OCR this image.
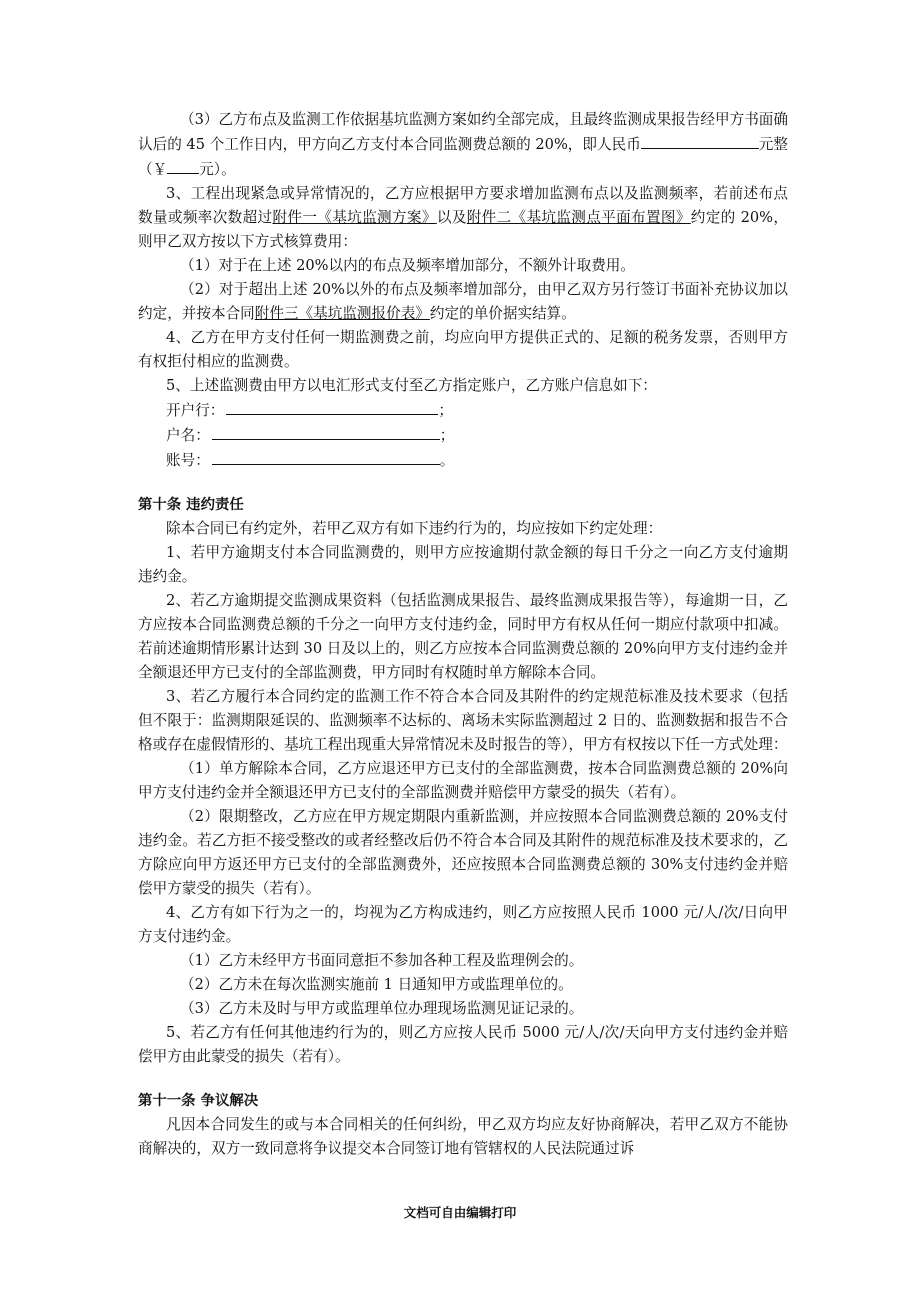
（3）乙方布点及监测工作依据基坑监测方案如约全部完成，且最终监测成果报告经甲方书面确认后的 45 个工作日内，甲方向乙方支付本合同监测费总额的 20%，即人民币	元整（￥ 元）。

3、工程出现紧急或异常情况的，乙方应根据甲方要求增加监测布点以及监测频率，若前述布点数量或频率次数超过附件一《基坑监测方案》以及附件二《基坑监测点平面布置图》约定的 20%，则甲乙双方按以下方式核算费用：

（1）对于在上述 20%以内的布点及频率增加部分，不额外计取费用。

（2）对于超出上述 20%以外的布点及频率增加部分，由甲乙双方另行签订书面补充协议加以约定，并按本合同附件三《基坑监测报价表》约定的单价据实结算。

4、乙方在甲方支付任何一期监测费之前，均应向甲方提供正式的、足额的税务发票，否则甲方有权拒付相应的监测费。

5、上述监测费由甲方以电汇形式支付至乙方指定账户，乙方账户信息如下：

开户行：	；
户名：	；
账号：	。

第十条 违约责任

除本合同已有约定外，若甲乙双方有如下违约行为的，均应按如下约定处理：

1、若甲方逾期支付本合同监测费的，则甲方应按逾期付款金额的每日千分之一向乙方支付逾期违约金。

2、若乙方逾期提交监测成果资料（包括监测成果报告、最终监测成果报告等），每逾期一日，乙方应按本合同监测费总额的千分之一向甲方支付违约金，同时甲方有权从任何一期应付款项中扣减。若前述逾期情形累计达到 30 日及以上的，则乙方应按本合同监测费总额的 20%向甲方支付违约金并全额退还甲方已支付的全部监测费，甲方同时有权随时单方解除本合同。

3、若乙方履行本合同约定的监测工作不符合本合同及其附件的约定规范标准及技术要求（包括但不限于：监测期限延误的、监测频率不达标的、离场未实际监测超过 2 日的、监测数据和报告不合格或存在虚假情形的、基坑工程出现重大异常情况未及时报告的等），甲方有权按以下任一方式处理：

（1）单方解除本合同，乙方应退还甲方已支付的全部监测费，按本合同监测费总额的 20%向甲方支付违约金并全额退还甲方已支付的全部监测费并赔偿甲方蒙受的损失（若有）。

（2）限期整改，乙方应在甲方规定期限内重新监测，并应按照本合同监测费总额的 20%支付违约金。若乙方拒不接受整改的或者经整改后仍不符合本合同及其附件的规范标准及技术要求的，乙方除应向甲方返还甲方已支付的全部监测费外，还应按照本合同监测费总额的 30%支付违约金并赔偿甲方蒙受的损失（若有）。

4、乙方有如下行为之一的，均视为乙方构成违约，则乙方应按照人民币 1000 元/人/次/日向甲方支付违约金。

（1）乙方未经甲方书面同意拒不参加各种工程及监理例会的。

（2）乙方未在每次监测实施前 1 日通知甲方或监理单位的。

（3）乙方未及时与甲方或监理单位办理现场监测见证记录的。

5、若乙方有任何其他违约行为的，则乙方应按人民币 5000 元/人/次/天向甲方支付违约金并赔偿甲方由此蒙受的损失（若有）。

第十一条 争议解决

凡因本合同发生的或与本合同相关的任何纠纷，甲乙双方均应友好协商解决，若甲乙双方不能协商解决的，双方一致同意将争议提交本合同签订地有管辖权的人民法院通过诉

文档可自由编辑打印
